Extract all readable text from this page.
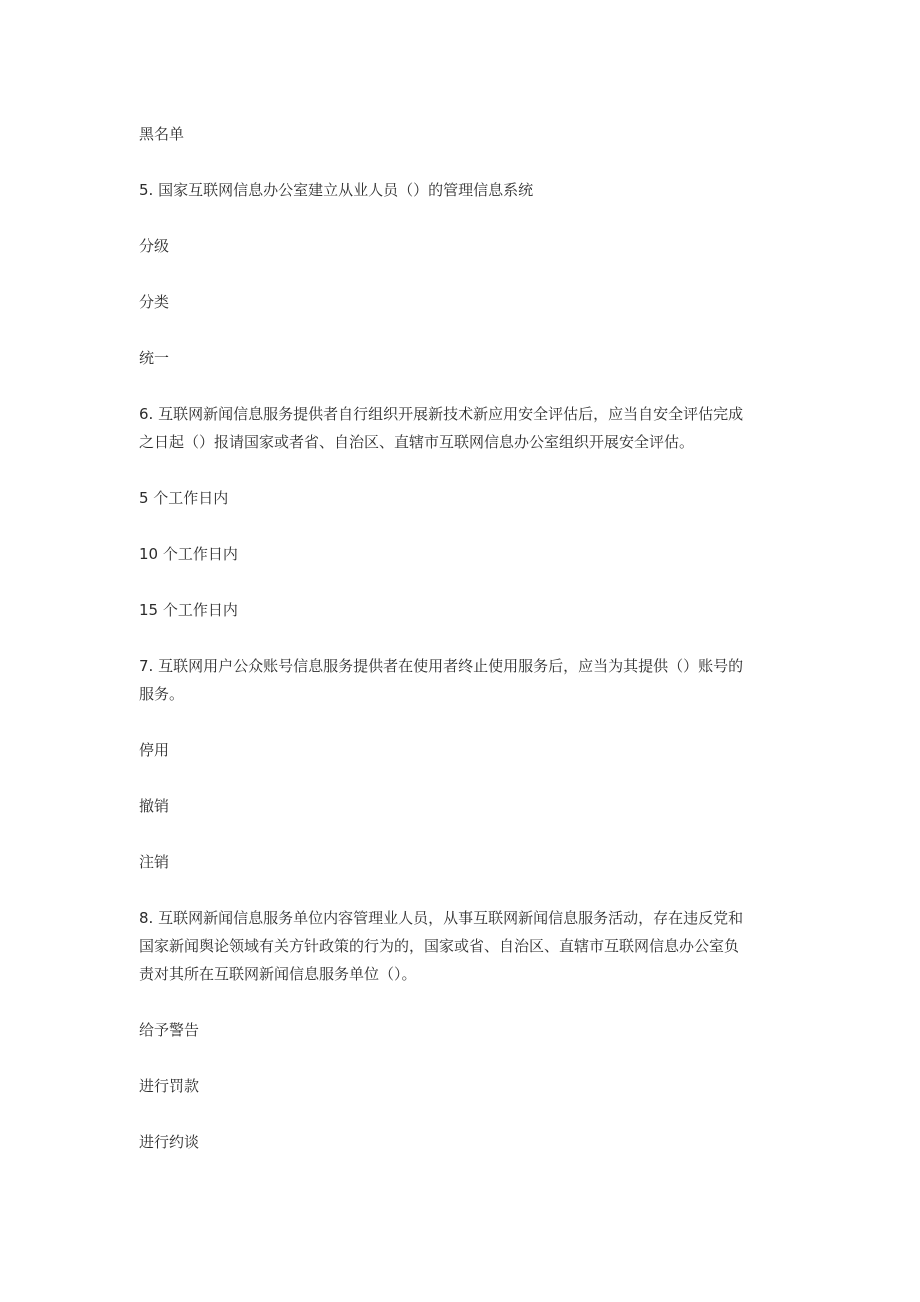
黑名单

5. 国家互联网信息办公室建立从业人员（）的管理信息系统

分级

分类

统一

6. 互联网新闻信息服务提供者自行组织开展新技术新应用安全评估后，应当自安全评估完成
之日起（）报请国家或者省、自治区、直辖市互联网信息办公室组织开展安全评估。

5 个工作日内

10 个工作日内

15 个工作日内

7. 互联网用户公众账号信息服务提供者在使用者终止使用服务后，应当为其提供（）账号的
服务。

停用

撤销

注销

8. 互联网新闻信息服务单位内容管理业人员，从事互联网新闻信息服务活动，存在违反党和
国家新闻舆论领域有关方针政策的行为的，国家或省、自治区、直辖市互联网信息办公室负
责对其所在互联网新闻信息服务单位（）。

给予警告

进行罚款

进行约谈
